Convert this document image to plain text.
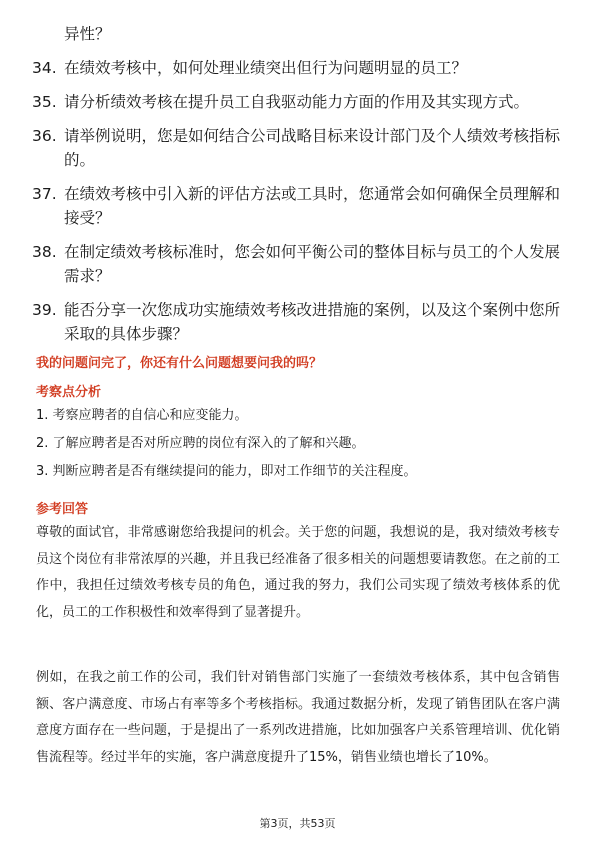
异性？

34. 在绩效考核中，如何处理业绩突出但行为问题明显的员工？
35. 请分析绩效考核在提升员工自我驱动能力方面的作用及其实现方式。
36. 请举例说明，您是如何结合公司战略目标来设计部门及个人绩效考核指标的。
37. 在绩效考核中引入新的评估方法或工具时，您通常会如何确保全员理解和接受？
38. 在制定绩效考核标准时，您会如何平衡公司的整体目标与员工的个人发展需求？
39. 能否分享一次您成功实施绩效考核改进措施的案例，以及这个案例中您所采取的具体步骤？
我的问题问完了，你还有什么问题想要问我的吗？
考察点分析
1. 考察应聘者的自信心和应变能力。
2. 了解应聘者是否对所应聘的岗位有深入的了解和兴趣。
3. 判断应聘者是否有继续提问的能力，即对工作细节的关注程度。
参考回答

尊敬的面试官，非常感谢您给我提问的机会。关于您的问题，我想说的是，我对绩效考核专员这个岗位有非常浓厚的兴趣，并且我已经准备了很多相关的问题想要请教您。在之前的工作中，我担任过绩效考核专员的角色，通过我的努力，我们公司实现了绩效考核体系的优化，员工的工作积极性和效率得到了显著提升。

例如，在我之前工作的公司，我们针对销售部门实施了一套绩效考核体系，其中包含销售额、客户满意度、市场占有率等多个考核指标。我通过数据分析，发现了销售团队在客户满意度方面存在一些问题，于是提出了一系列改进措施，比如加强客户关系管理培训、优化销售流程等。经过半年的实施，客户满意度提升了15%，销售业绩也增长了10%。

第3页，共53页
